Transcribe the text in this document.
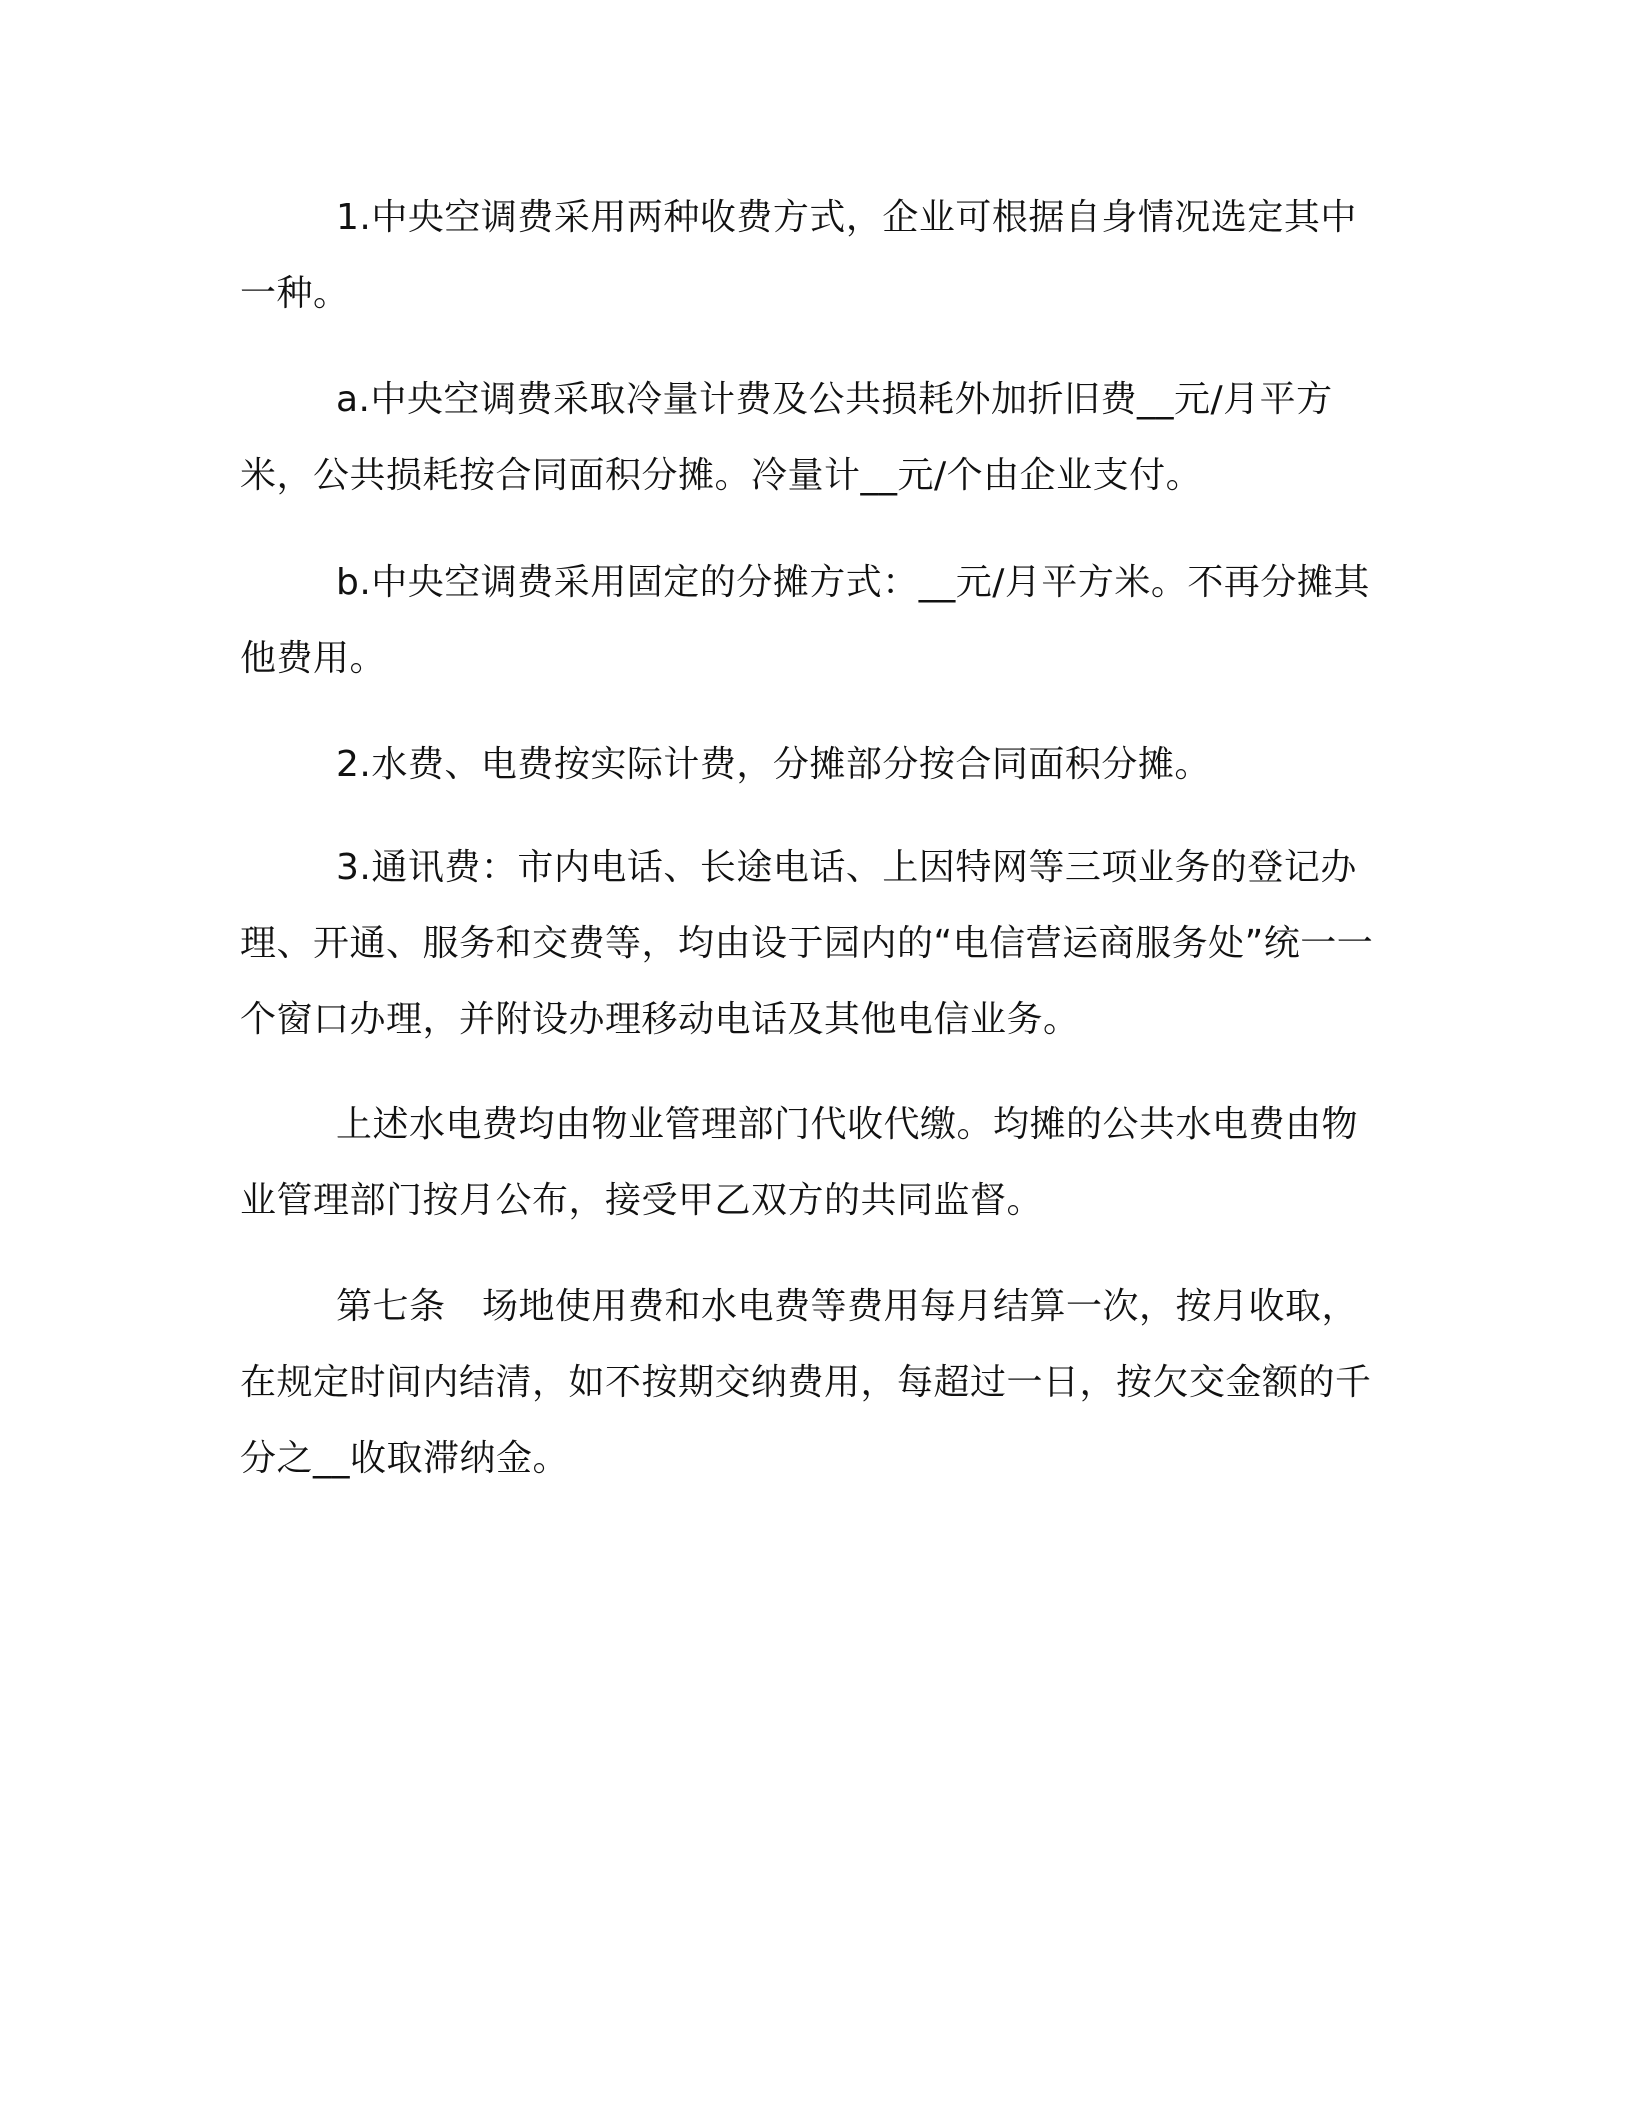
1.中央空调费采用两种收费方式，企业可根据自身情况选定其中一种。

a.中央空调费采取冷量计费及公共损耗外加折旧费__元/月平方米，公共损耗按合同面积分摊。冷量计__元/个由企业支付。

b.中央空调费采用固定的分摊方式：__元/月平方米。不再分摊其他费用。

2.水费、电费按实际计费，分摊部分按合同面积分摊。

3.通讯费：市内电话、长途电话、上因特网等三项业务的登记办理、开通、服务和交费等，均由设于园内的“电信营运商服务处”统一一个窗口办理，并附设办理移动电话及其他电信业务。

上述水电费均由物业管理部门代收代缴。均摊的公共水电费由物业管理部门按月公布，接受甲乙双方的共同监督。

第七条　场地使用费和水电费等费用每月结算一次，按月收取，在规定时间内结清，如不按期交纳费用，每超过一日，按欠交金额的千分之__收取滞纳金。
